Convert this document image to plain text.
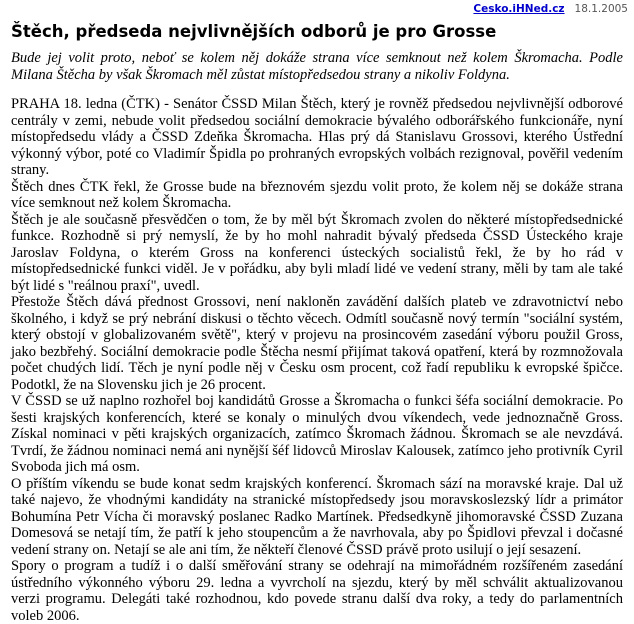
Cesko.iHNed.cz 18.1.2005
Štěch, předseda nejvlivnějších odborů je pro Grosse

Bude jej volit proto, neboť se kolem něj dokáže strana více semknout než kolem Škromacha. Podle Milana Štěcha by však Škromach měl zůstat místopředsedou strany a nikoliv Foldyna.

PRAHA 18. ledna (ČTK) - Senátor ČSSD Milan Štěch, který je rovněž předsedou nejvlivnější odborové centrály v zemi, nebude volit předsedou sociální demokracie bývalého odborářského funkcionáře, nyní místopředsedu vlády a ČSSD Zdeňka Škromacha. Hlas prý dá Stanislavu Grossovi, kterého Ústřední výkonný výbor, poté co Vladimír Špidla po prohraných evropských volbách rezignoval, pověřil vedením strany.

Štěch dnes ČTK řekl, že Grosse bude na březnovém sjezdu volit proto, že kolem něj se dokáže strana více semknout než kolem Škromacha.

Štěch je ale současně přesvědčen o tom, že by měl být Škromach zvolen do některé místopředsednické funkce. Rozhodně si prý nemyslí, že by ho mohl nahradit bývalý předseda ČSSD Ústeckého kraje Jaroslav Foldyna, o kterém Gross na konferenci ústeckých socialistů řekl, že by ho rád v místopředsednické funkci viděl. Je v pořádku, aby byli mladí lidé ve vedení strany, měli by tam ale také být lidé s "reálnou praxí", uvedl.

Přestože Štěch dává přednost Grossovi, není nakloněn zavádění dalších plateb ve zdravotnictví nebo školného, i když se prý nebrání diskusi o těchto věcech. Odmítl současně nový termín "sociální systém, který obstojí v globalizovaném světě", který v projevu na prosincovém zasedání výboru použil Gross, jako bezbřehý. Sociální demokracie podle Štěcha nesmí přijímat taková opatření, která by rozmnožovala počet chudých lidí. Těch je nyní podle něj v Česku osm procent, což řadí republiku k evropské špičce. Podotkl, že na Slovensku jich je 26 procent.

V ČSSD se už naplno rozhořel boj kandidátů Grosse a Škromacha o funkci šéfa sociální demokracie. Po šesti krajských konferencích, které se konaly o minulých dvou víkendech, vede jednoznačně Gross. Získal nominaci v pěti krajských organizacích, zatímco Škromach žádnou. Škromach se ale nevzdává. Tvrdí, že žádnou nominaci nemá ani nynější šéf lidovců Miroslav Kalousek, zatímco jeho protivník Cyril Svoboda jich má osm.

O příštím víkendu se bude konat sedm krajských konferencí. Škromach sází na moravské kraje. Dal už také najevo, že vhodnými kandidáty na stranické místopředsedy jsou moravskoslezský lídr a primátor Bohumína Petr Vícha či moravský poslanec Radko Martínek. Předsedkyně jihomoravské ČSSD Zuzana Domesová se netají tím, že patří k jeho stoupencům a že navrhovala, aby po Špidlovi převzal i dočasné vedení strany on. Netají se ale ani tím, že někteří členové ČSSD právě proto usilují o její sesazení.

Spory o program a tudíž i o další směřování strany se odehrají na mimořádném rozšířeném zasedání ústředního výkonného výboru 29. ledna a vyvrcholí na sjezdu, který by měl schválit aktualizovanou verzi programu. Delegáti také rozhodnou, kdo povede stranu další dva roky, a tedy do parlamentních voleb 2006.
